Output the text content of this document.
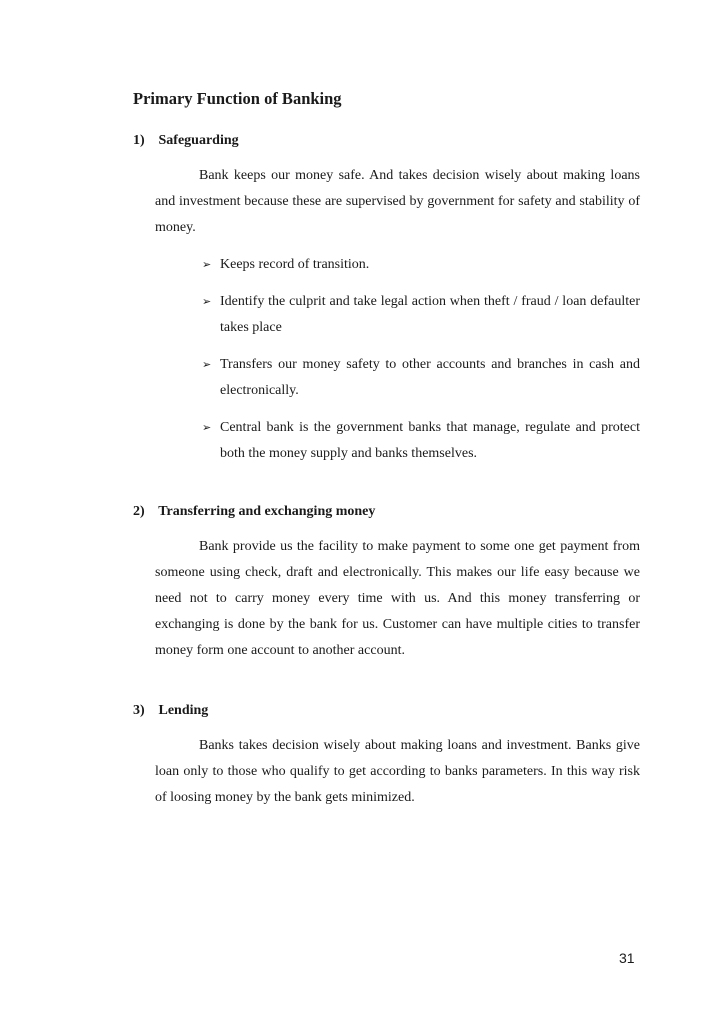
Primary Function of Banking
1) Safeguarding

Bank keeps our money safe. And takes decision wisely about making loans and investment because these are supervised by government for safety and stability of money.

➢ Keeps record of transition.
➢ Identify the culprit and take legal action when theft / fraud / loan defaulter takes place
➢ Transfers our money safety to other accounts and branches in cash and electronically.
➢ Central bank is the government banks that manage, regulate and protect both the money supply and banks themselves.
2) Transferring and exchanging money

Bank provide us the facility to make payment to some one get payment from someone using check, draft and electronically. This makes our life easy because we need not to carry money every time with us. And this money transferring or exchanging is done by the bank for us. Customer can have multiple cities to transfer money form one account to another account.

3) Lending

Banks takes decision wisely about making loans and investment. Banks give loan only to those who qualify to get according to banks parameters. In this way risk of loosing money by the bank gets minimized.

31
